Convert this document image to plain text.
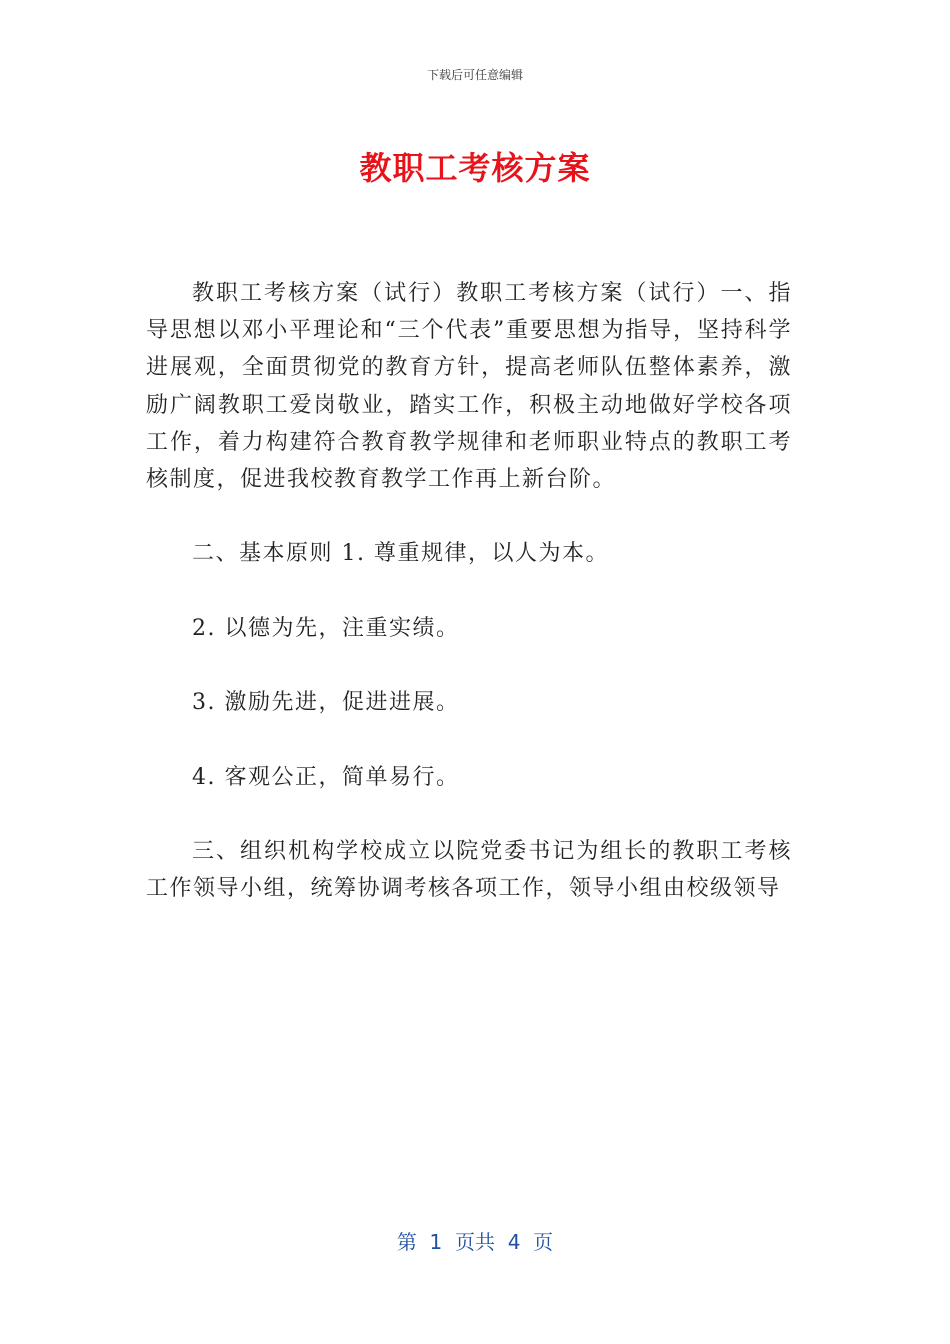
下载后可任意编辑
教职工考核方案

教职工考核方案（试行）教职工考核方案（试行）一、指导思想以邓小平理论和“三个代表”重要思想为指导，坚持科学进展观，全面贯彻党的教育方针，提高老师队伍整体素养，激励广阔教职工爱岗敬业，踏实工作，积极主动地做好学校各项工作，着力构建符合教育教学规律和老师职业特点的教职工考核制度，促进我校教育教学工作再上新台阶。

二、基本原则 1. 尊重规律，以人为本。

2. 以德为先，注重实绩。

3. 激励先进，促进进展。

4. 客观公正，简单易行。

三、组织机构学校成立以院党委书记为组长的教职工考核工作领导小组，统筹协调考核各项工作，领导小组由校级领导

第  1  页共  4  页
